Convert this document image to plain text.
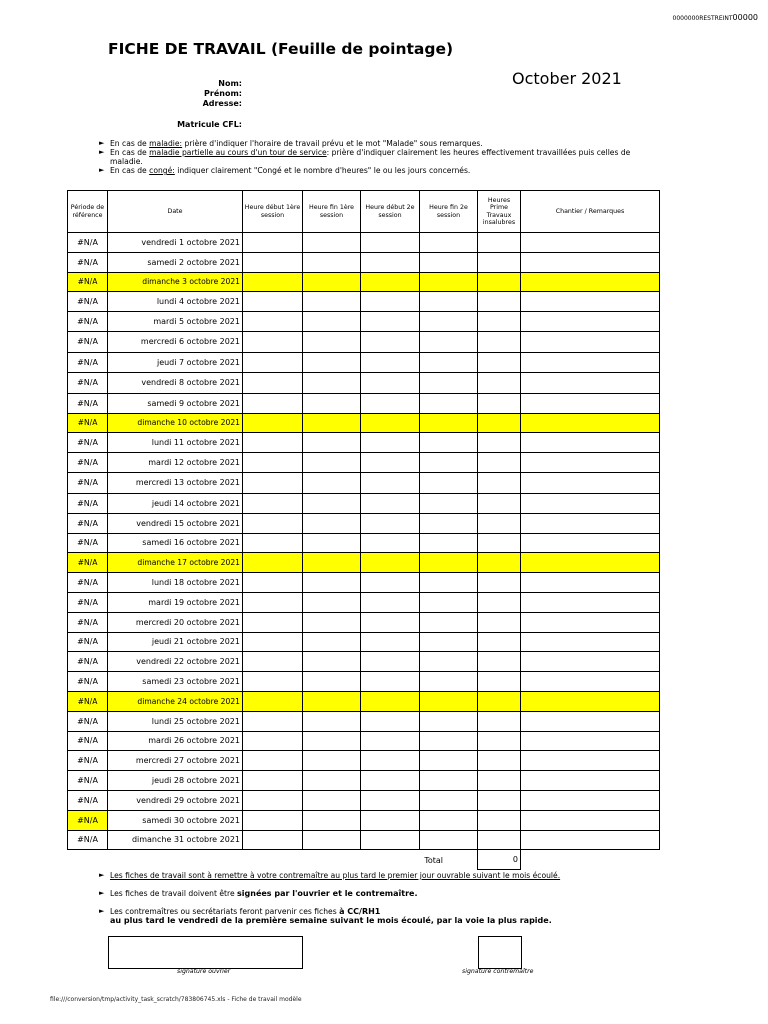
0000000RESTREINT00000
FICHE DE TRAVAIL (Feuille de pointage)
October 2021
Nom:
Prénom:
Adresse:
Matricule CFL:
► En cas de maladie: prière d'indiquer l'horaire de travail prévu et le mot "Malade" sous remarques.
► En cas de maladie partielle au cours d'un tour de service: prière d'indiquer clairement les heures effectivement travaillées puis celles de maladie.
► En cas de congé: indiquer clairement "Congé et le nombre d'heures" le ou les jours concernés.
Période de référence	Date	Heure début 1ère session	Heure fin 1ère session	Heure début 2e session	Heure fin 2e session	Heures Prime Travaux insalubres	Chantier / Remarques
#N/A	vendredi 1 octobre 2021						
#N/A	samedi 2 octobre 2021						
#N/A	dimanche 3 octobre 2021						
#N/A	lundi 4 octobre 2021						
#N/A	mardi 5 octobre 2021						
#N/A	mercredi 6 octobre 2021						
#N/A	jeudi 7 octobre 2021						
#N/A	vendredi 8 octobre 2021						
#N/A	samedi 9 octobre 2021						
#N/A	dimanche 10 octobre 2021						
#N/A	lundi 11 octobre 2021						
#N/A	mardi 12 octobre 2021						
#N/A	mercredi 13 octobre 2021						
#N/A	jeudi 14 octobre 2021						
#N/A	vendredi 15 octobre 2021						
#N/A	samedi 16 octobre 2021						
#N/A	dimanche 17 octobre 2021						
#N/A	lundi 18 octobre 2021						
#N/A	mardi 19 octobre 2021						
#N/A	mercredi 20 octobre 2021						
#N/A	jeudi 21 octobre 2021						
#N/A	vendredi 22 octobre 2021						
#N/A	samedi 23 octobre 2021						
#N/A	dimanche 24 octobre 2021						
#N/A	lundi 25 octobre 2021						
#N/A	mardi 26 octobre 2021						
#N/A	mercredi 27 octobre 2021						
#N/A	jeudi 28 octobre 2021						
#N/A	vendredi 29 octobre 2021						
#N/A	samedi 30 octobre 2021						
#N/A	dimanche 31 octobre 2021						
Total						0	
► Les fiches de travail sont à remettre à votre contremaître au plus tard le premier jour ouvrable suivant le mois écoulé.
► Les fiches de travail doivent être signées par l'ouvrier et le contremaître.
► Les contremaîtres ou secrétariats feront parvenir ces fiches à CC/RH1
au plus tard le vendredi de la première semaine suivant le mois écoulé, par la voie la plus rapide.
signature ouvrier	signature contremaître
file:///conversion/tmp/activity_task_scratch/783806745.xls - Fiche de travail modèle
